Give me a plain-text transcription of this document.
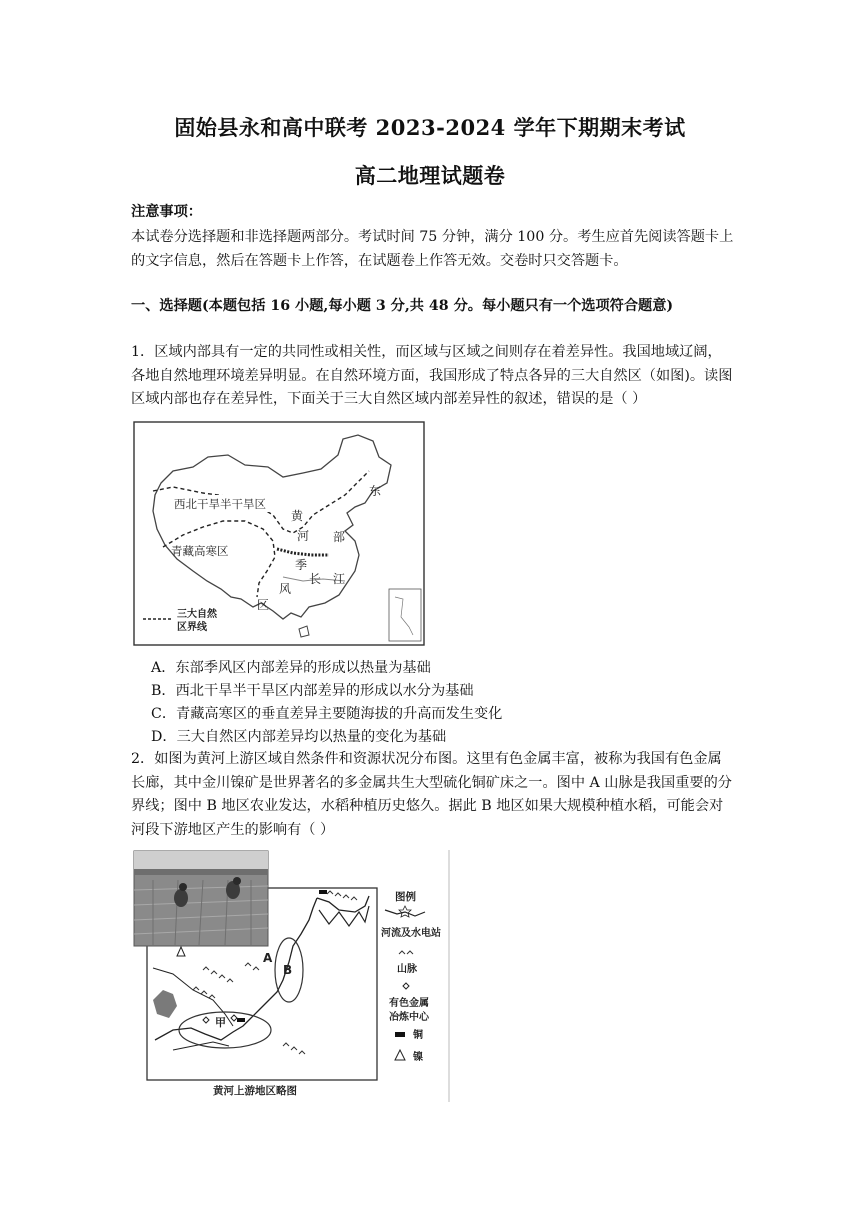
固始县永和高中联考 2023-2024 学年下期期末考试
高二地理试题卷
注意事项：
本试卷分选择题和非选择题两部分。考试时间 75 分钟，满分 100 分。考生应首先阅读答题卡上的文字信息，然后在答题卡上作答，在试题卷上作答无效。交卷时只交答题卡。
一、选择题(本题包括 16 小题,每小题 3 分,共 48 分。每小题只有一个选项符合题意)
1．区域内部具有一定的共同性或相关性，而区域与区域之间则存在着差异性。我国地域辽阔，各地自然地理环境差异明显。在自然环境方面，我国形成了特点各异的三大自然区（如图)。读图区域内部也存在差异性，下面关于三大自然区域内部差异性的叙述，错误的是（ ）
西北干旱半干旱区
青藏高寒区
东
黄
河 部
季
长 江
风
区
三大自然
区界线
A．东部季风区内部差异的形成以热量为基础
B．西北干旱半干旱区内部差异的形成以水分为基础
C．青藏高寒区的垂直差异主要随海拔的升高而发生变化
D．三大自然区内部差异均以热量的变化为基础
2．如图为黄河上游区域自然条件和资源状况分布图。这里有色金属丰富，被称为我国有色金属长廊，其中金川镍矿是世界著名的多金属共生大型硫化铜矿床之一。图中 A 山脉是我国重要的分界线；图中 B 地区农业发达，水稻种植历史悠久。据此 B 地区如果大规模种植水稻，可能会对河段下游地区产生的影响有（ ）
A
B
甲
图例
河流及水电站
山脉
有色金属
冶炼中心
铜
镍
黄河上游地区略图
